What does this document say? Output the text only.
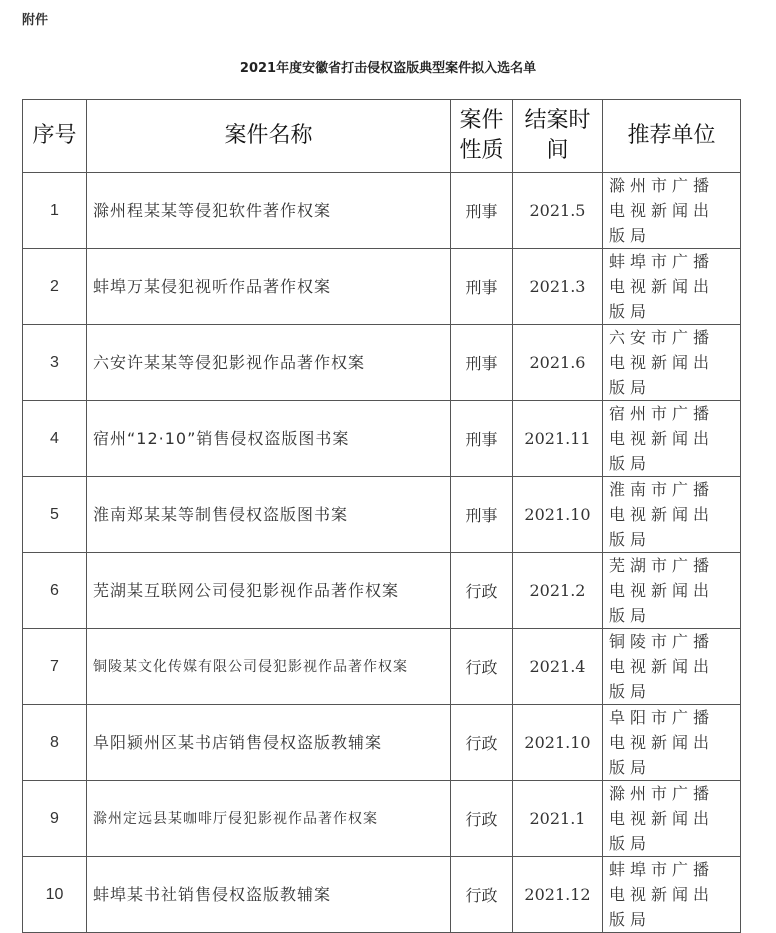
附件
2021年度安徽省打击侵权盗版典型案件拟入选名单
序号	案件名称	案件性质	结案时间	推荐单位
1	滁州程某某等侵犯软件著作权案	刑事	2021.5	滁州市广播电视新闻出版局
2	蚌埠万某侵犯视听作品著作权案	刑事	2021.3	蚌埠市广播电视新闻出版局
3	六安许某某等侵犯影视作品著作权案	刑事	2021.6	六安市广播电视新闻出版局
4	宿州“12·10”销售侵权盗版图书案	刑事	2021.11	宿州市广播电视新闻出版局
5	淮南郑某某等制售侵权盗版图书案	刑事	2021.10	淮南市广播电视新闻出版局
6	芜湖某互联网公司侵犯影视作品著作权案	行政	2021.2	芜湖市广播电视新闻出版局
7	铜陵某文化传媒有限公司侵犯影视作品著作权案	行政	2021.4	铜陵市广播电视新闻出版局
8	阜阳颍州区某书店销售侵权盗版教辅案	行政	2021.10	阜阳市广播电视新闻出版局
9	滁州定远县某咖啡厅侵犯影视作品著作权案	行政	2021.1	滁州市广播电视新闻出版局
10	蚌埠某书社销售侵权盗版教辅案	行政	2021.12	蚌埠市广播电视新闻出版局
